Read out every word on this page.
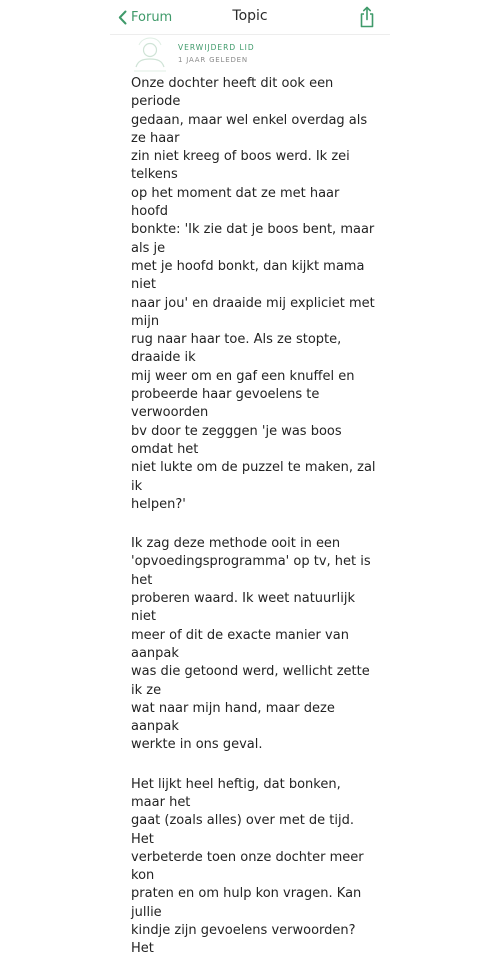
Forum	Topic
VERWIJDERD LID
1 JAAR GELEDEN

Onze dochter heeft dit ook een periode
gedaan, maar wel enkel overdag als ze haar
zin niet kreeg of boos werd. Ik zei telkens
op het moment dat ze met haar hoofd
bonkte: 'Ik zie dat je boos bent, maar als je
met je hoofd bonkt, dan kijkt mama niet
naar jou' en draaide mij expliciet met mijn
rug naar haar toe. Als ze stopte, draaide ik
mij weer om en gaf een knuffel en
probeerde haar gevoelens te verwoorden
bv door te zegggen 'je was boos omdat het
niet lukte om de puzzel te maken, zal ik
helpen?'

Ik zag deze methode ooit in een
'opvoedingsprogramma' op tv, het is het
proberen waard. Ik weet natuurlijk niet
meer of dit de exacte manier van aanpak
was die getoond werd, wellicht zette ik ze
wat naar mijn hand, maar deze aanpak
werkte in ons geval.

Het lijkt heel heftig, dat bonken, maar het
gaat (zoals alles) over met de tijd. Het
verbeterde toen onze dochter meer kon
praten en om hulp kon vragen. Kan jullie
kindje zijn gevoelens verwoorden? Het
